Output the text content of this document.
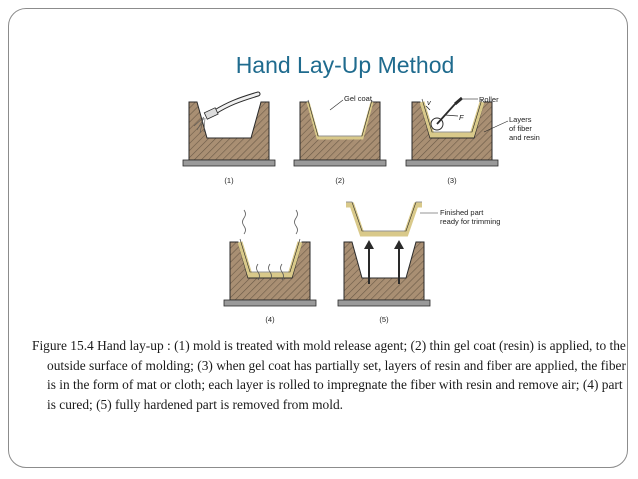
Hand Lay-Up Method
(1)
Gel coat
(2)
Roller
v
F	Layers
of fiber
and resin
(3)
(4)
Finished part
ready for trimming
(5)
Figure 15.4 Hand lay-up : (1) mold is treated with mold release agent; (2) thin gel coat (resin) is applied, to the outside surface of molding; (3) when gel coat has partially set, layers of resin and fiber are applied, the fiber is in the form of mat or cloth; each layer is rolled to impregnate the fiber with resin and remove air; (4) part is cured; (5) fully hardened part is removed from mold.
